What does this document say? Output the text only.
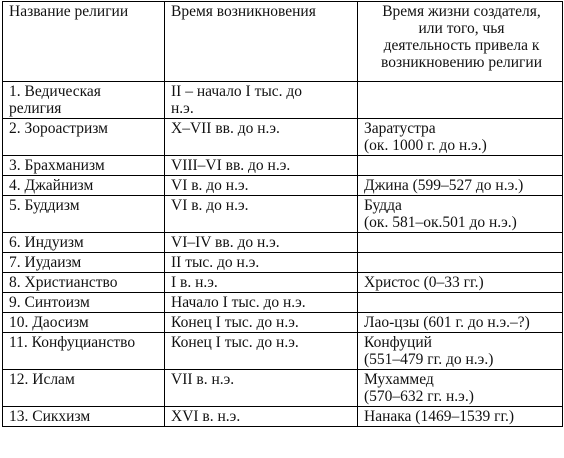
Название религии	Время возникновения	Время жизни создателя,
или того, чья
деятельность привела к
возникновению религии

1. Ведическая
религия	II – начало I тыс. до
н.э.	

2. Зороастризм	X–VII вв. до н.э.	Заратустра
(ок. 1000 г. до н.э.)

3. Брахманизм	VIII–VI вв. до н.э.	

4. Джайнизм	VI в. до н.э.	Джина (599–527 до н.э.)

5. Буддизм	VI в. до н.э.	Будда
(ок. 581–ок.501 до н.э.)

6. Индуизм	VI–IV вв. до н.э.	

7. Иудаизм	II тыс. до н.э.	

8. Христианство	I в. н.э.	Христос (0–33 гг.)

9. Синтоизм	Начало I тыс. до н.э.	

10. Даосизм	Конец I тыс. до н.э.	Лао-цзы (601 г. до н.э.–?)

11. Конфуцианство	Конец I тыс. до н.э.	Конфуций
(551–479 гг. до н.э.)

12. Ислам	VII в. н.э.	Мухаммед
(570–632 гг. н.э.)

13. Сикхизм	XVI в. н.э.	Нанака (1469–1539 гг.)
